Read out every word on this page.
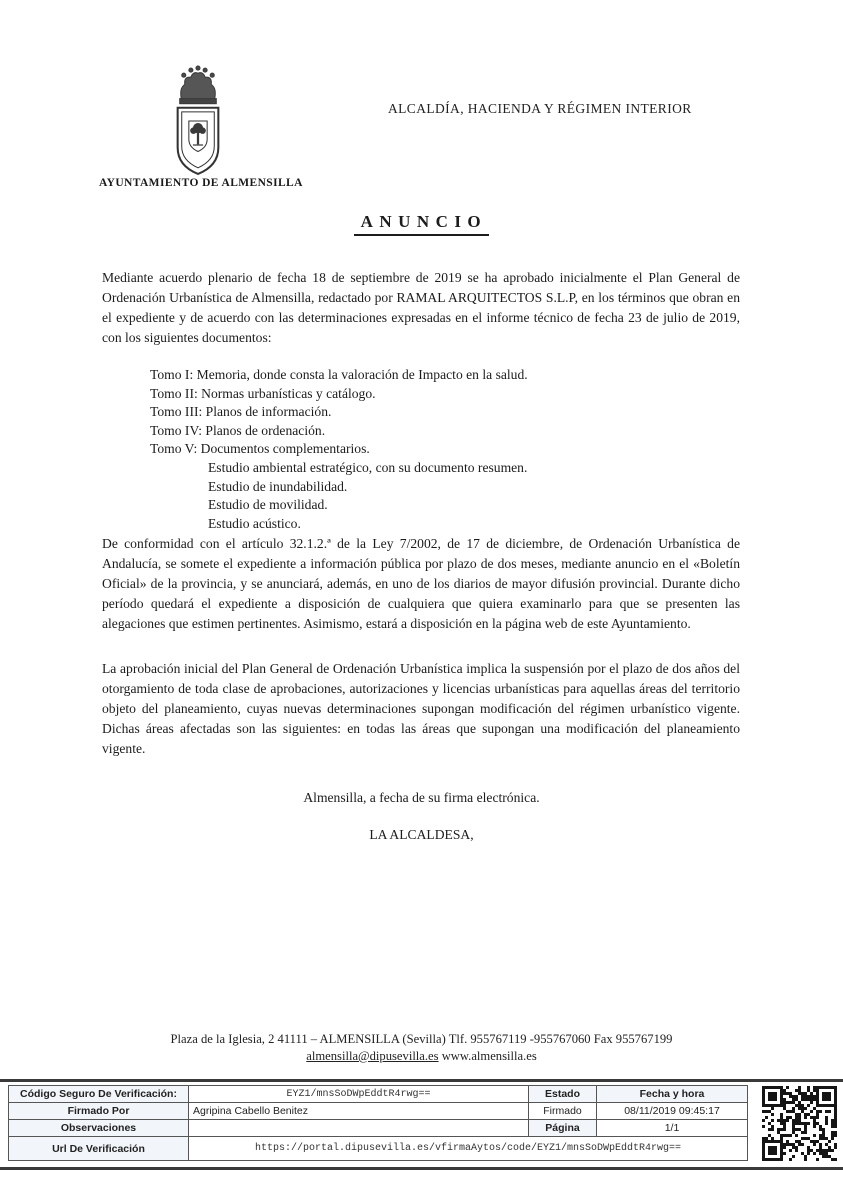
ALCALDÍA, HACIENDA Y RÉGIMEN INTERIOR
AYUNTAMIENTO DE ALMENSILLA
ANUNCIO
Mediante acuerdo plenario de fecha 18 de septiembre de 2019 se ha aprobado inicialmente el Plan General de Ordenación Urbanística de Almensilla, redactado por RAMAL ARQUITECTOS S.L.P, en los términos que obran en el expediente y de acuerdo con las determinaciones expresadas en el informe técnico de fecha 23 de julio de 2019, con los siguientes documentos:
Tomo I: Memoria, donde consta la valoración de Impacto en la salud.
Tomo II: Normas urbanísticas y catálogo.
Tomo III: Planos de información.
Tomo IV: Planos de ordenación.
Tomo V: Documentos complementarios.
Estudio ambiental estratégico, con su documento resumen.
Estudio de inundabilidad.
Estudio de movilidad.
Estudio acústico.
De conformidad con el artículo 32.1.2.ª de la Ley 7/2002, de 17 de diciembre, de Ordenación Urbanística de Andalucía, se somete el expediente a información pública por plazo de dos meses, mediante anuncio en el «Boletín Oficial» de la provincia, y se anunciará, además, en uno de los diarios de mayor difusión provincial. Durante dicho período quedará el expediente a disposición de cualquiera que quiera examinarlo para que se presenten las alegaciones que estimen pertinentes. Asimismo, estará a disposición en la página web de este Ayuntamiento.
La aprobación inicial del Plan General de Ordenación Urbanística implica la suspensión por el plazo de dos años del otorgamiento de toda clase de aprobaciones, autorizaciones y licencias urbanísticas para aquellas áreas del territorio objeto del planeamiento, cuyas nuevas determinaciones supongan modificación del régimen urbanístico vigente. Dichas áreas afectadas son las siguientes: en todas las áreas que supongan una modificación del planeamiento vigente.
Almensilla, a fecha de su firma electrónica.
LA ALCALDESA,
Plaza de la Iglesia, 2 41111 – ALMENSILLA (Sevilla) Tlf. 955767119 -955767060 Fax 955767199
almensilla@dipusevilla.es www.almensilla.es
Código Seguro De Verificación:	EYZ1/mnsSoDWpEddtR4rwg==	Estado	Fecha y hora
Firmado Por	Agripina Cabello Benitez	Firmado	08/11/2019 09:45:17
Observaciones		Página	1/1
Url De Verificación	https://portal.dipusevilla.es/vfirmaAytos/code/EYZ1/mnsSoDWpEddtR4rwg==		
